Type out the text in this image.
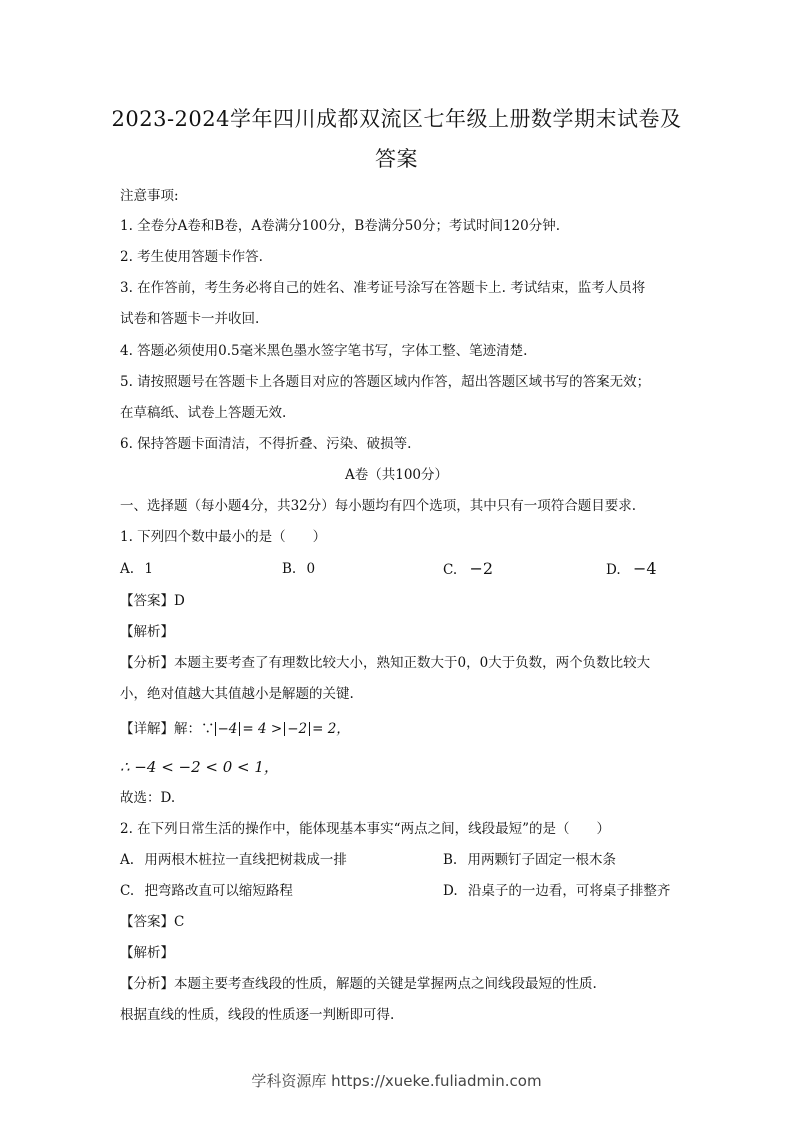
2023-2024学年四川成都双流区七年级上册数学期末试卷及
答案
注意事项:
1. 全卷分A卷和B卷，A卷满分100分，B卷满分50分；考试时间120分钟.
2. 考生使用答题卡作答.
3. 在作答前，考生务必将自己的姓名、准考证号涂写在答题卡上. 考试结束，监考人员将
试卷和答题卡一并收回.
4. 答题必须使用0.5毫米黑色墨水签字笔书写，字体工整、笔迹清楚.
5. 请按照题号在答题卡上各题目对应的答题区域内作答，超出答题区域书写的答案无效；
在草稿纸、试卷上答题无效.
6. 保持答题卡面清洁，不得折叠、污染、破损等.
A卷（共100分）
一、选择题（每小题4分，共32分）每小题均有四个选项，其中只有一项符合题目要求.
1. 下列四个数中最小的是（　　）
A. 1	B. 0	C. −2	D. −4
【答案】D
【解析】
【分析】本题主要考查了有理数比较大小，熟知正数大于0，0大于负数，两个负数比较大
小，绝对值越大其值越小是解题的关键.
【详解】解：∵ −4 = 4 > −2 = 2，
∴ −4 < −2 < 0 < 1，
故选：D.
2. 在下列日常生活的操作中，能体现基本事实“两点之间，线段最短”的是（　　）
A. 用两根木桩拉一直线把树栽成一排	B. 用两颗钉子固定一根木条
C. 把弯路改直可以缩短路程	D. 沿桌子的一边看，可将桌子排整齐
【答案】C
【解析】
【分析】本题主要考查线段的性质，解题的关键是掌握两点之间线段最短的性质.
根据直线的性质，线段的性质逐一判断即可得.
学科资源库 https://xueke.fuliadmin.com
